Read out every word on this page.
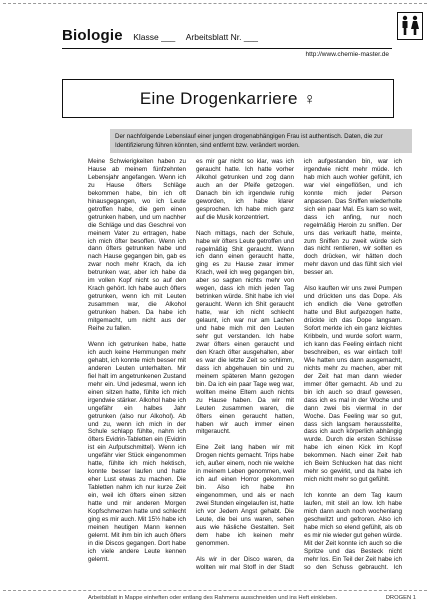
Biologie Klasse ___ Arbeitsblatt Nr. ___
http://www.chemie-master.de
Eine Drogenkarriere ♀
Der nachfolgende Lebenslauf einer jungen drogenabhängigen Frau ist authentisch. Daten, die zur Identifizierung führen könnten, sind entfernt bzw. verändert worden.

Meine Schwierigkeiten haben zu Hause ab meinem fünfzehnten Lebensjahr angefangen. Wenn ich zu Hause öfters Schläge bekommen habe, bin ich oft hinausgegangen, wo ich Leute getroffen habe, die gern einen getrunken haben, und um nachher die Schläge und das Geschrei von meinem Vater zu ertragen, habe ich mich öfter besoffen. Wenn ich dann öfters getrunken habe und nach Hause gegangen bin, gab es zwar noch mehr Krach, da ich betrunken war, aber ich habe da im vollen Kopf nicht so auf den Krach gehört. Ich habe auch öfters getrunken, wenn ich mit Leuten zusammen war, die Alkohol getrunken haben. Da habe ich mitgemacht, um nicht aus der Reihe zu fallen.

Wenn ich getrunken habe, hatte ich auch keine Hemmungen mehr gehabt, ich konnte mich besser mit anderen Leuten unterhalten. Mir fiel halt im angetrunkenen Zustand mehr ein. Und jedesmal, wenn ich einen sitzen hatte, fühlte ich mich irgendwie stärker. Alkohol habe ich ungefähr ein halbes Jahr getrunken (also nur Alkohol). Ab und zu, wenn ich mich in der Schule schlapp fühlte, nahm ich öfters Evidrin-Tabletten ein (Evidrin ist ein Aufputschmittel). Wenn ich ungefähr vier Stück eingenommen hatte, fühlte ich mich hektisch, konnte besser laufen und hatte eher Lust etwas zu machen. Die Tabletten nahm ich nur kurze Zeit ein, weil ich öfters einen sitzen hatte und mir anderen Morgen Kopfschmerzen hatte und schlecht ging es mir auch. Mit 15½ habe ich meinen heutigen Mann kennen gelernt. Mit ihm bin ich auch öfters in die Discos gegangen. Dort habe ich viele andere Leute kennen gelernt.

es mir gar nicht so klar, was ich geraucht hatte. Ich hatte vorher Alkohol getrunken und zog dann auch an der Pfeife getzogen. Danach bin ich irgendwie ruhig geworden, ich habe klarer gesprochen. Ich habe mich ganz auf die Musik konzentriert.

Nach mittags, nach der Schule, habe wir öfters Leute getroffen und regelmäßig Shit geraucht. Wenn ich dann einen geraucht hatte, ging es zu Hause zwar immer Krach, weil ich weg gegangen bin, aber so sagten nichts mehr von wegen, dass ich mich jeden Tag betrinken würde. Shit habe ich viel geraucht. Wenn ich Shit geraucht hatte, war ich nicht schlecht gelaunt, ich war nur am Lachen und habe mich mit den Leuten sehr gut verstanden. Ich habe zwar öfters einen geraucht und den Krach öfter ausgehalten, aber es war die letzte Zeit so schlimm, dass ich abgehauen bin und zu meinem späteren Mann gezogen bin. Da ich ein paar Tage weg war, wollten meine Eltern auch nichts zu Hause haben. Da wir mit Leuten zusammen waren, die öfters einen geraucht hatten, haben wir auch immer einen mitgeraucht.

Eine Zeit lang haben wir mit Drogen nichts gemacht. Trips habe ich, außer einem, noch nie welche in meinem Leben genommen, weil ich auf einen Horror gekommen bin. Also ich habe ihn eingenommen, und als er nach zwei Stunden eingelaufen ist, hatte ich vor Jedem Angst gehabt. Die Leute, die bei uns waren, sehen aus wie häsliche Gestalten. Seit dem habe ich keinen mehr genommen.

Als wir in der Disco waren, da wollten wir mal Stoff in der Stadt

ich aufgestanden bin, war ich irgendwie nicht mehr müde. Ich hab mich auch wohler gefühlt, ich war viel eingeflößen, und ich konnte mich jeder Person anpassen. Das Sniffen wiederholte sich ein paar Mal. Es kam so weit, dass ich anfing, nur noch regelmäßig Heroin zu sniffen. Der uns das verkauft hatte, meinte, zum Sniffen zu zweit würde sich das nicht rentieren, wir sollten es doch drücken, wir hätten doch mehr davon und das fühlt sich viel besser an.

Also kauften wir uns zwei Pumpen und drückten uns das Dope. Als ich endlich die Vene getroffen hatte und Blut aufgezogen hatte, drückte ich das Dope langsam. Sofort merkte ich ein ganz leichtes Kribbeln, und wurde sofort warm, ich kann das Feeling einfach nicht beschreiben, es war einfach toll! Wie hatten uns dann ausgemacht, nichts mehr zu machen, aber mit der Zeit hat man dann wieder immer öfter gemacht. Ab und zu bin ich auch so drauf gewesen, dass ich es mal in der Woche und dann zwei bis viermal in der Woche. Das Feeling war so gut, dass sich langsam herausstellte, dass ich auch körperlich abhängig wurde. Durch die ersten Schüsse habe ich einen Kick im Kopf bekommen. Nach einer Zeit hab ich Beim Schlucken hat das nicht mehr so gewirkt, und da habe ich mich nicht mehr so gut gefühlt.

Ich konnte an dem Tag kaum laufen, mit steil an low. Ich habe mich dann auch noch wochenlang geschwitzt und gefroren. Also ich habe mich so elend gefühlt, als ob es mir nie wieder gut gehen würde. Mit der Zeit konnte ich auch so die Spritze und das Besteck nicht mehr los. Ein Teil der Zeit habe ich so den Schuss gebraucht. Ich

Arbeitsblatt in Mappe einheften oder entlang des Rahmens ausschneiden und ins Heft einkleben.	DROGEN 1
